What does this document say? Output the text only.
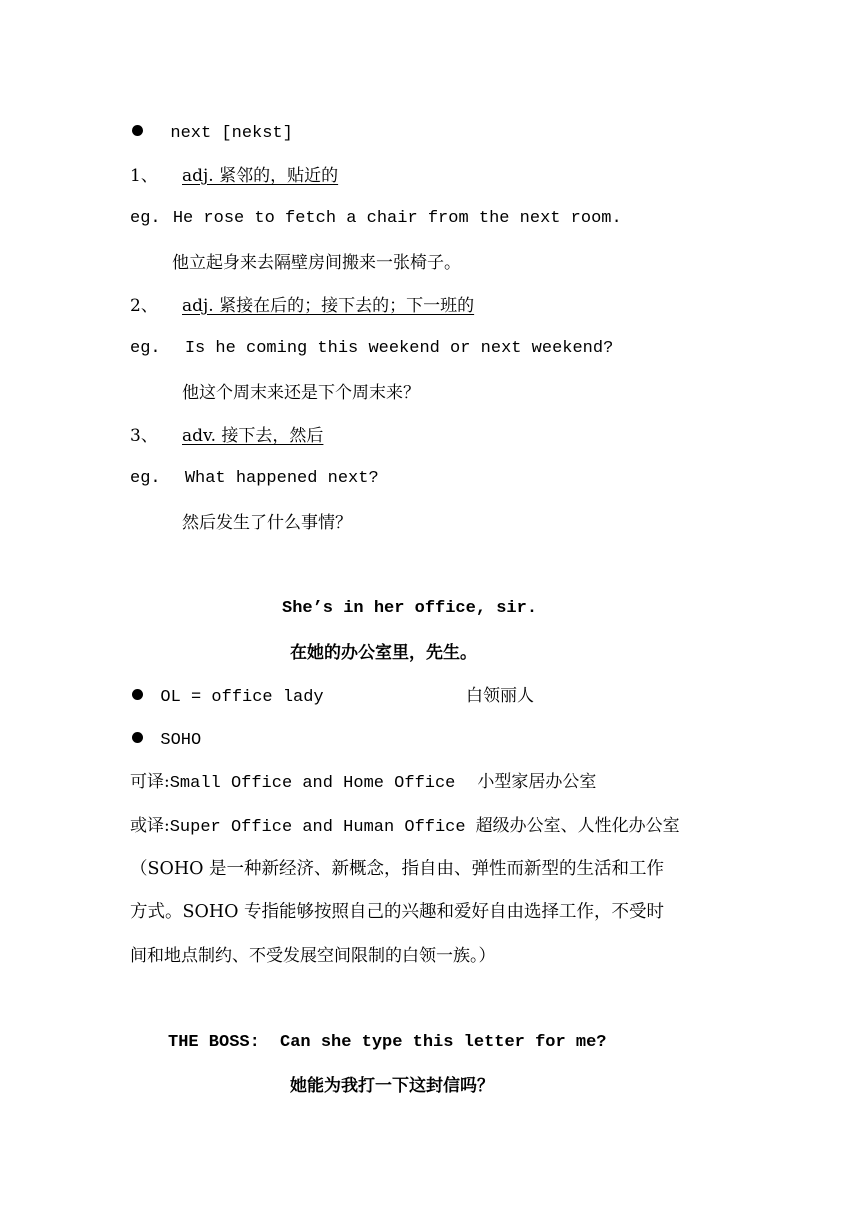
next [nekst]
1、 adj. 紧邻的，贴近的
eg. He rose to fetch a chair from the next room.
他立起身来去隔壁房间搬来一张椅子。
2、 adj. 紧接在后的；接下去的；下一班的
eg. Is he coming this weekend or next weekend?
他这个周末来还是下个周末来？
3、 adv. 接下去，然后
eg. What happened next?
然后发生了什么事情？
She’s in her office, sir.
在她的办公室里，先生。
OL = office lady	白领丽人
SOHO
可译:Small Office and Home Office 小型家居办公室
或译:Super Office and Human Office 超级办公室、人性化办公室
（SOHO 是一种新经济、新概念，指自由、弹性而新型的生活和工作
方式。SOHO 专指能够按照自己的兴趣和爱好自由选择工作，不受时
间和地点制约、不受发展空间限制的白领一族。）
THE BOSS: Can she type this letter for me?
她能为我打一下这封信吗？
